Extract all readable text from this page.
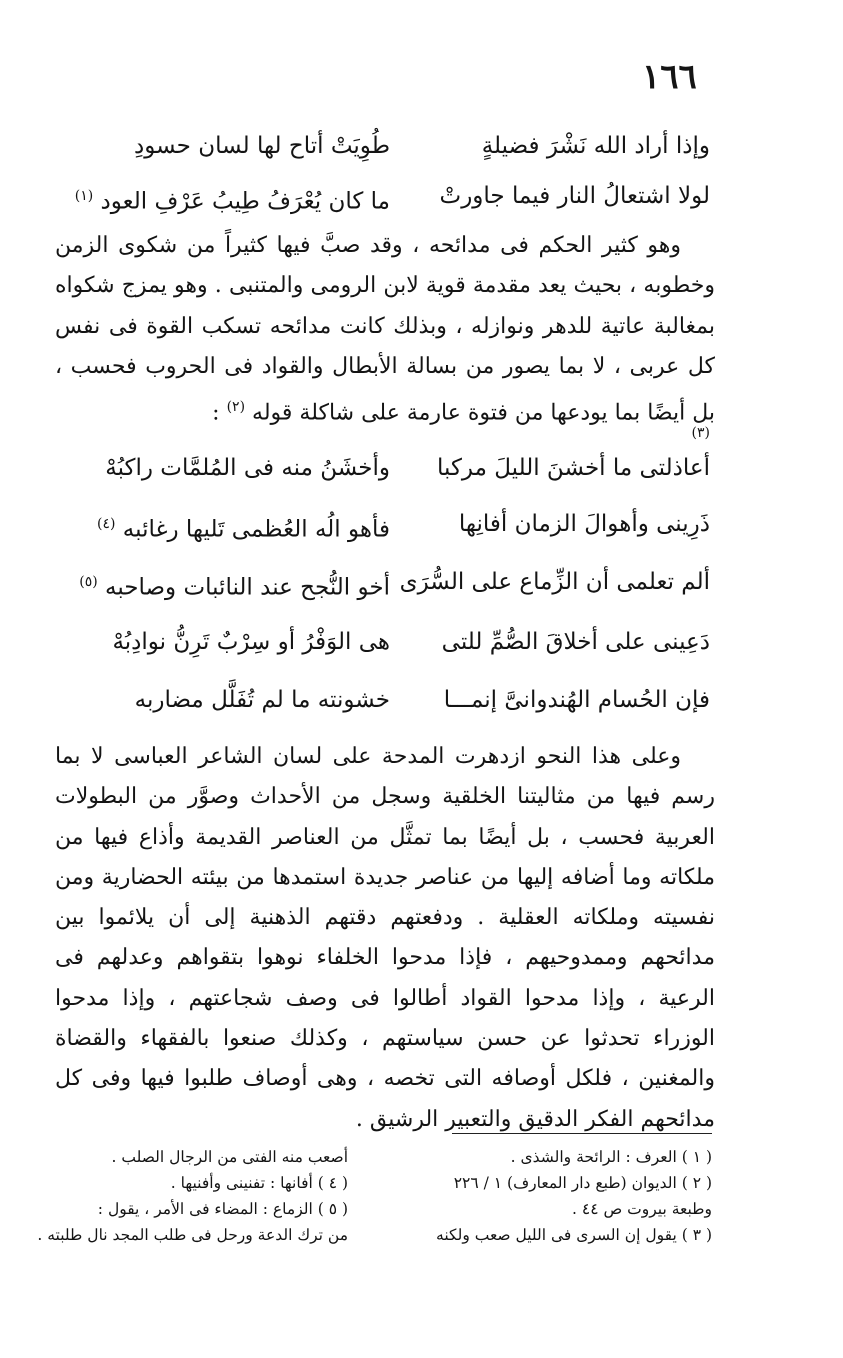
١٦٦
وإذا أراد الله نَشْرَ فضيلةٍ
طُوِيَتْ أتاح لها لسان حسودِ
لولا اشتعالُ النار فيما جاورتْ
ما كان يُعْرَفُ طِيبُ عَرْفِ العود $^{(١)}$

وهو كثير الحكم فى مدائحه ، وقد صبَّ فيها كثيراً من شكوى الزمن وخطوبه ، بحيث يعد مقدمة قوية لابن الرومى والمتنبى . وهو يمزج شكواه بمغالبة عاتية للدهر ونوازله ، وبذلك كانت مدائحه تسكب القوة فى نفس كل عربى ، لا بما يصور من بسالة الأبطال والقواد فى الحروب فحسب ، بل أيضًا بما يودعها من فتوة عارمة على شاكلة قوله $^{(٢)}$ :

(٣)
أعاذلتى ما أخشنَ الليلَ مركبا
وأخشَنُ منه فى المُلمَّات راكبُهْ
ذَرِينى وأهوالَ الزمان أفانِها
فأهو الُه العُظمى تَليها رغائبه $^{(٤)}$
ألم تعلمى أن الزِّماع على السُّرَى
أخو النُّجح عند النائبات وصاحبه $^{(٥)}$
دَعِينى على أخلاقَ الصُّمِّ للتى
هى الوَفْرُ أو سِرْبٌ تَرِنُّ نوادِبُهْ
فإن الحُسام الهُندوانىَّ إنمـــا
خشونته ما لم تُفَلَّل مضاربه

وعلى هذا النحو ازدهرت المدحة على لسان الشاعر العباسى لا بما رسم فيها من مثاليتنا الخلقية وسجل من الأحداث وصوَّر من البطولات العربية فحسب ، بل أيضًا بما تمثَّل من العناصر القديمة وأذاع فيها من ملكاته وما أضافه إليها من عناصر جديدة استمدها من بيئته الحضارية ومن نفسيته وملكاته العقلية . ودفعتهم دقتهم الذهنية إلى أن يلائموا بين مدائحهم وممدوحيهم ، فإذا مدحوا الخلفاء نوهوا بتقواهم وعدلهم فى الرعية ، وإذا مدحوا القواد أطالوا فى وصف شجاعتهم ، وإذا مدحوا الوزراء تحدثوا عن حسن سياستهم ، وكذلك صنعوا بالفقهاء والقضاة والمغنين ، فلكل أوصافه التى تخصه ، وهى أوصاف طلبوا فيها وفى كل مدائحهم الفكر الدقيق والتعبير الرشيق .

( ١ ) العرف : الرائحة والشذى .
( ٢ ) الديوان (طبع دار المعارف) ١ / ٢٢٦
وطبعة بيروت ص ٤٤ .
( ٣ ) يقول إن السرى فى الليل صعب ولكنه
أصعب منه الفتى من الرجال الصلب .
( ٤ ) أفانها : تفنينى وأفنيها .
( ٥ ) الزماع : المضاء فى الأمر ، يقول :
من ترك الدعة ورحل فى طلب المجد نال طلبته .
